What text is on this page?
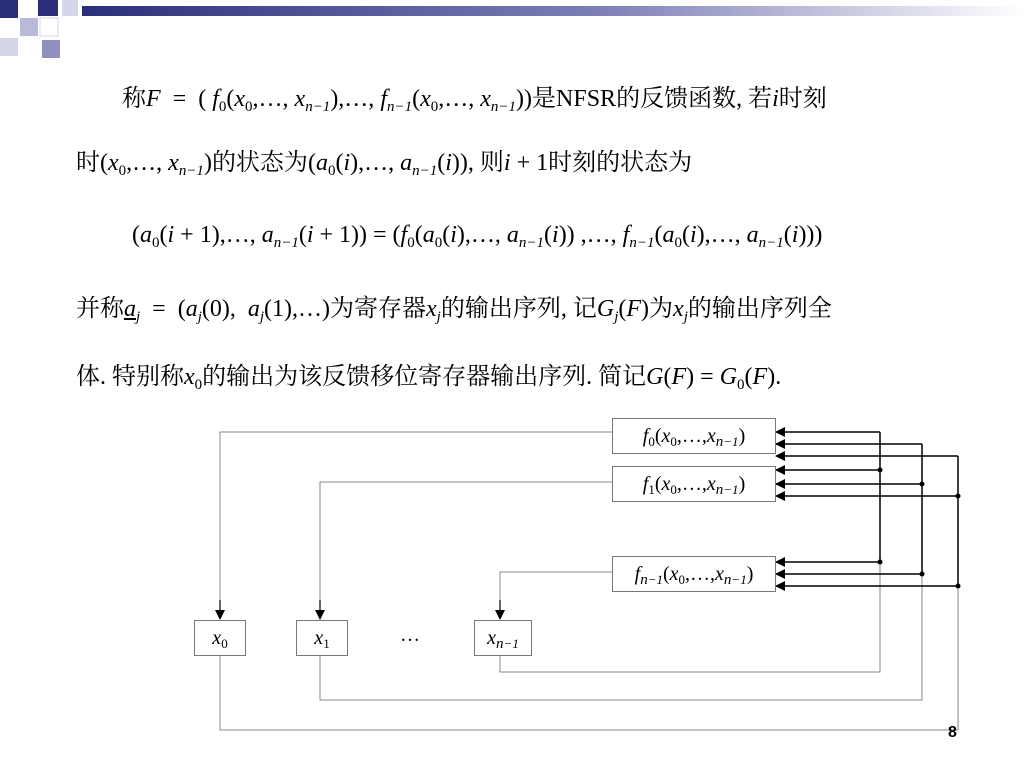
称F  =  ( $f_0(x_0,\dots$, $x_{n-1}),\dots$, $f_{n-1}(x_0,\dots$, $x_{n-1}$))是NFSR的反馈函数, 若i时刻
时($x_0,\dots$, $x_{n-1}$)的状态为($a_0(i),\dots$, $a_{n-1}(i)$), 则i + 1时刻的状态为
($a_0(i$ + 1),…, $a_{n-1}(i + 1)$) = ($f_0(a_0(i),\dots$, $a_{n-1}(i)$) ,…, $f_{n-1}(a_0(i),\dots$, $a_{n-1}(i)$))
并称$a_j = (a_j(0)$,  $a_j(1),\dots$)为寄存器$x_j$的输出序列, 记$G_j(F)$为$x_j$的输出序列全
体. 特别称$x_0$的输出为该反馈移位寄存器输出序列. 简记$G(F) = G_0(F)$.
$f_0(x_0,\dots,x_{n-1})$
$f_1(x_0,\dots,x_{n-1})$
$f_{n-1}(x_0,\dots,x_{n-1})$
$x_0$	$x_1$	…	$x_{n-1}$
8
